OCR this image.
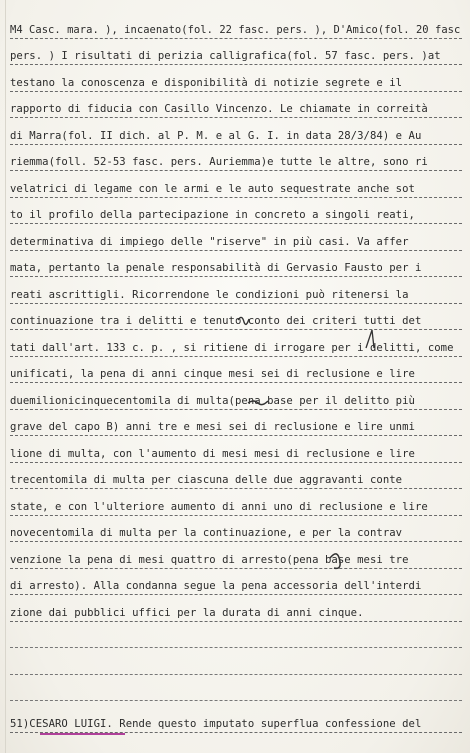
M4 Casc. mara. ), incaenato(fol. 22 fasc. pers. ), D'Amico(fol. 20 fasc
pers. ) I risultati di perizia calligrafica(fol. 57 fasc. pers. )at
testano la conoscenza e disponibilità di notizie segrete e il
rapporto di fiducia con Casillo Vincenzo. Le chiamate in correità
di Marra(fol. II dich. al P. M. e al G. I. in data 28/3/84) e Au
riemma(foll. 52-53 fasc. pers. Auriemma)e tutte le altre, sono ri
velatrici di legame con le armi e le auto sequestrate anche sot
to il profilo della partecipazione in concreto a singoli reati,
determinativa di impiego delle "riserve" in più casi. Va affer
mata, pertanto la penale responsabilità di Gervasio Fausto per i
reati ascrittigli. Ricorrendone le condizioni può ritenersi la
continuazione tra i delitti e tenuto conto dei criteri tutti det
tati dall'art. 133 c. p. , si ritiene di irrogare per i delitti, come
unificati, la pena di anni cinque mesi sei di reclusione e lire
duemilionicinquecentomila di multa(pena base per il delitto più
grave del capo B) anni tre e mesi sei di reclusione e lire unmi
lione di multa, con l'aumento di mesi mesi di reclusione e lire
trecentomila di multa per ciascuna delle due aggravanti conte
state, e con l'ulteriore aumento di anni uno di reclusione e lire
novecentomila di multa per la continuazione, e per la contrav
venzione la pena di mesi quattro di arresto(pena base mesi tre
di arresto). Alla condanna segue la pena accessoria dell'interdi
zione dai pubblici uffici per la durata di anni cinque.
51)CESARO LUIGI. Rende questo imputato superflua confessione del
